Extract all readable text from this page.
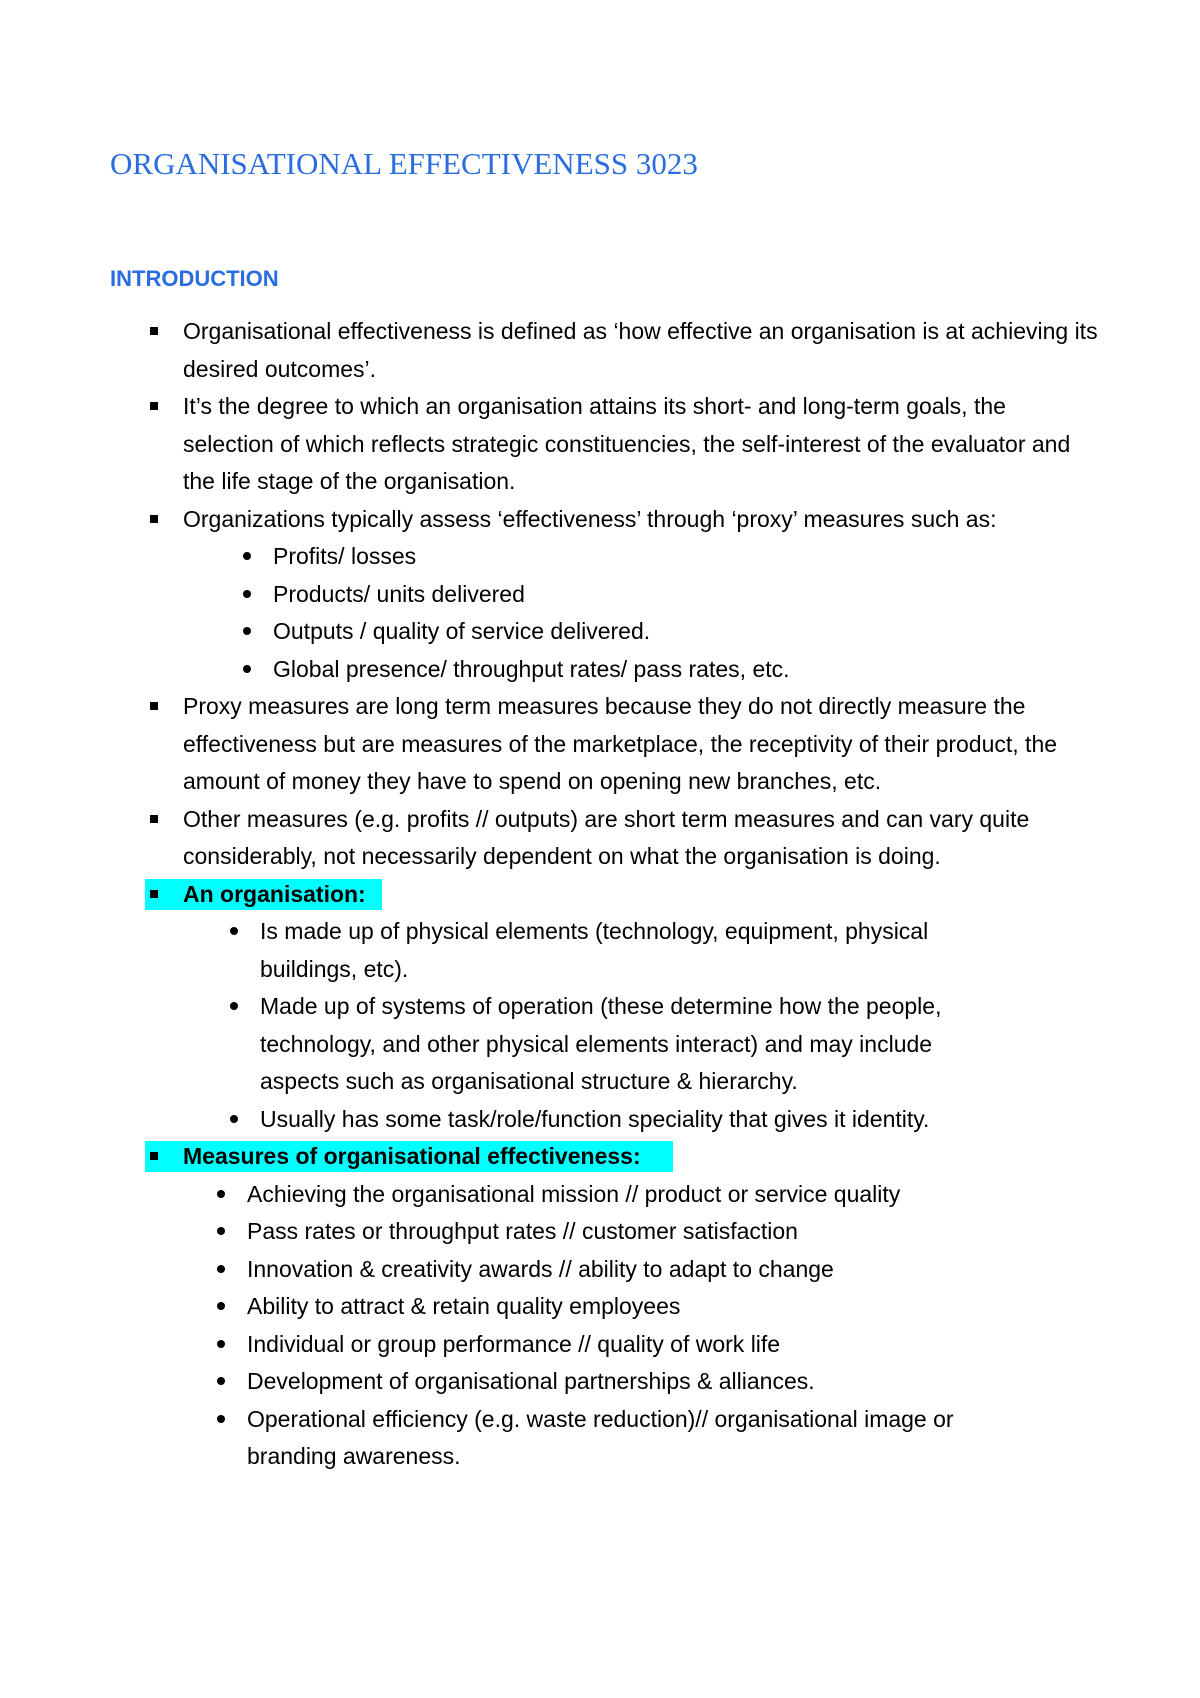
ORGANISATIONAL EFFECTIVENESS 3023
INTRODUCTION
Organisational effectiveness is defined as ‘how effective an organisation is at achieving its desired outcomes’.
It’s the degree to which an organisation attains its short- and long-term goals, the selection of which reflects strategic constituencies, the self-interest of the evaluator and the life stage of the organisation.
Organizations typically assess ‘effectiveness’ through ‘proxy’ measures such as:
Profits/ losses
Products/ units delivered
Outputs / quality of service delivered.
Global presence/ throughput rates/ pass rates, etc.
Proxy measures are long term measures because they do not directly measure the effectiveness but are measures of the marketplace, the receptivity of their product, the amount of money they have to spend on opening new branches, etc.
Other measures (e.g. profits // outputs) are short term measures and can vary quite considerably, not necessarily dependent on what the organisation is doing.
An organisation:
Is made up of physical elements (technology, equipment, physical buildings, etc).
Made up of systems of operation (these determine how the people, technology, and other physical elements interact) and may include aspects such as organisational structure & hierarchy.
Usually has some task/role/function speciality that gives it identity.
Measures of organisational effectiveness:
Achieving the organisational mission // product or service quality
Pass rates or throughput rates // customer satisfaction
Innovation & creativity awards // ability to adapt to change
Ability to attract & retain quality employees
Individual or group performance // quality of work life
Development of organisational partnerships & alliances.
Operational efficiency (e.g. waste reduction)// organisational image or branding awareness.
